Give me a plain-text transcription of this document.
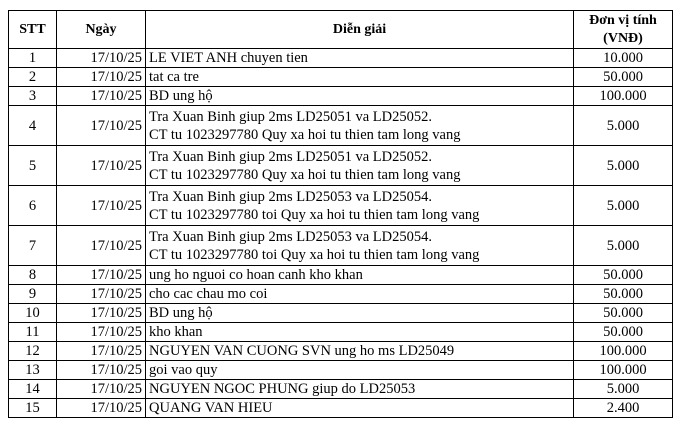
STT	Ngày	Diễn giải	Đơn vị tính
(VNĐ)
1	17/10/25	LE VIET ANH chuyen tien	10.000
2	17/10/25	tat ca tre	50.000
3	17/10/25	BD ung hộ	100.000
4	17/10/25	Tra Xuan Binh giup 2ms LD25051 va LD25052.
CT tu 1023297780 Quy xa hoi tu thien tam long vang	5.000
5	17/10/25	Tra Xuan Binh giup 2ms LD25051 va LD25052.
CT tu 1023297780 Quy xa hoi tu thien tam long vang	5.000
6	17/10/25	Tra Xuan Binh giup 2ms LD25053 va LD25054.
CT tu 1023297780 toi Quy xa hoi tu thien tam long vang	5.000
7	17/10/25	Tra Xuan Binh giup 2ms LD25053 va LD25054.
CT tu 1023297780 toi Quy xa hoi tu thien tam long vang	5.000
8	17/10/25	ung ho nguoi co hoan canh kho khan	50.000
9	17/10/25	cho cac chau mo coi	50.000
10	17/10/25	BD ung hộ	50.000
11	17/10/25	kho khan	50.000
12	17/10/25	NGUYEN VAN CUONG SVN ung ho ms LD25049	100.000
13	17/10/25	goi vao quy	100.000
14	17/10/25	NGUYEN NGOC PHUNG giup do LD25053	5.000
15	17/10/25	QUANG VAN HIEU	2.400
